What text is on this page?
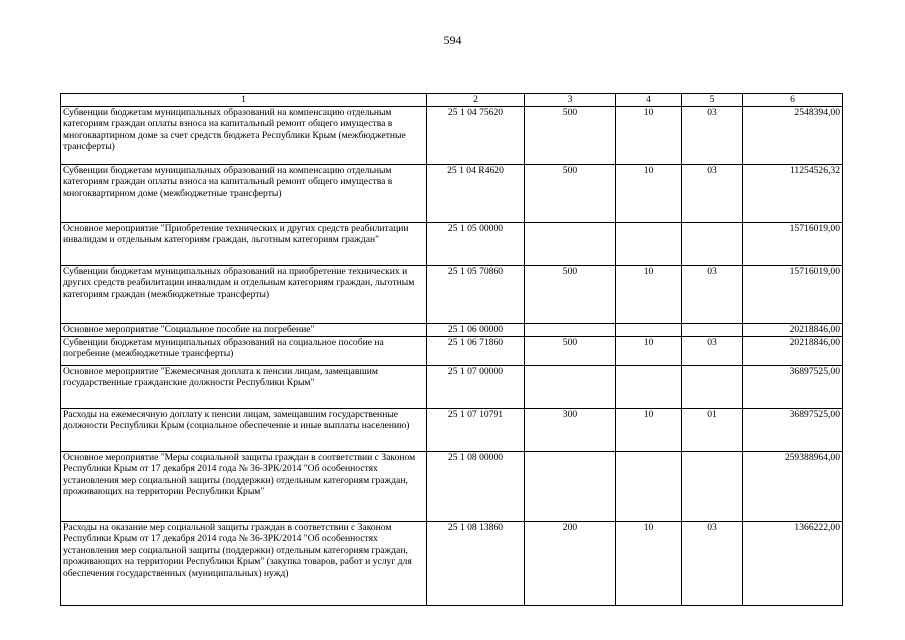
594
1	2	3	4	5	6
Субвенции бюджетам муниципальных образований на компенсацию отдельным категориям граждан оплаты взноса на капитальный ремонт общего имущества в многоквартирном доме за счет средств бюджета Республики Крым (межбюджетные трансферты)	25 1 04 75620	500	10	03	2548394,00
Субвенции бюджетам муниципальных образований на компенсацию отдельным категориям граждан оплаты взноса на капитальный ремонт общего имущества в многоквартирном доме (межбюджетные трансферты)	25 1 04 R4620	500	10	03	11254526,32
Основное мероприятие "Приобретение технических и других средств реабилитации инвалидам и отдельным категориям граждан, льготным категориям граждан"	25 1 05 00000				15716019,00
Субвенции бюджетам муниципальных образований на приобретение технических и других средств реабилитации инвалидам и отдельным категориям граждан, льготным категориям граждан (межбюджетные трансферты)	25 1 05 70860	500	10	03	15716019,00
Основное мероприятие "Социальное пособие на погребение"	25 1 06 00000				20218846,00
Субвенции бюджетам муниципальных образований на социальное пособие на погребение (межбюджетные трансферты)	25 1 06 71860	500	10	03	20218846,00
Основное мероприятие "Ежемесячная доплата к пенсии лицам, замещавшим государственные гражданские должности Республики Крым"	25 1 07 00000				36897525,00
Расходы на ежемесячную доплату к пенсии лицам, замещавшим государственные должности Республики Крым (социальное обеспечение и иные выплаты населению)	25 1 07 10791	300	10	01	36897525,00
Основное мероприятие "Меры социальной защиты граждан в соответствии с Законом Республики Крым от 17 декабря 2014 года № 36-ЗРК/2014 "Об особенностях установления мер социальной защиты (поддержки) отдельным категориям граждан, проживающих на территории Республики Крым"	25 1 08 00000				259388964,00
Расходы на оказание мер социальной защиты граждан в соответствии с Законом Республики Крым от 17 декабря 2014 года № 36-ЗРК/2014 "Об особенностях установления мер социальной защиты (поддержки) отдельным категориям граждан, проживающих на территории Республики Крым" (закупка товаров, работ и услуг для обеспечения государственных (муниципальных) нужд)	25 1 08 13860	200	10	03	1366222,00
